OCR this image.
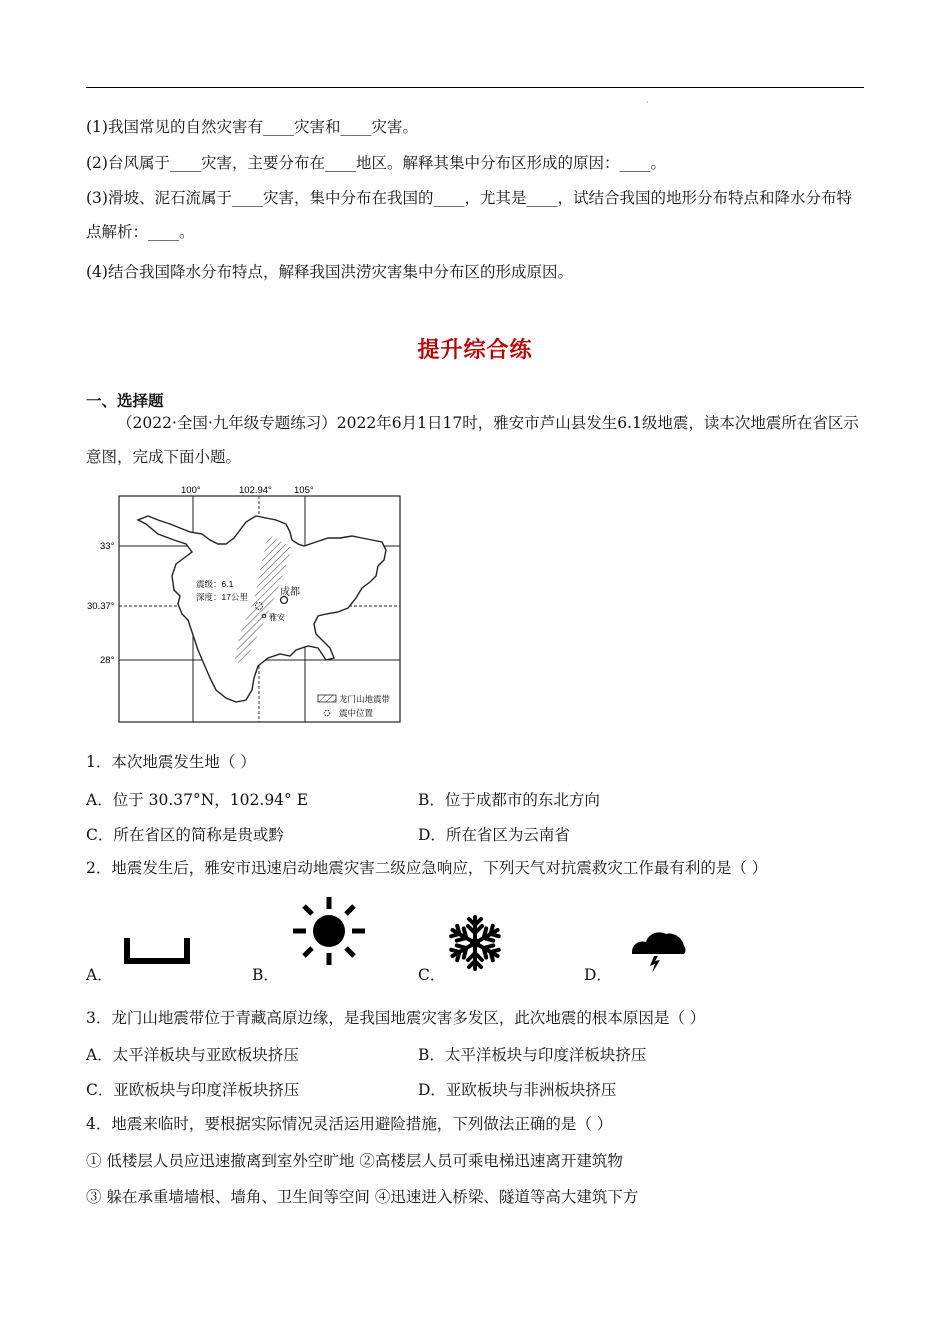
·
(1)我国常见的自然灾害有____灾害和____灾害。
(2)台风属于____灾害，主要分布在____地区。解释其集中分布区形成的原因：____。
(3)滑坡、泥石流属于____灾害，集中分布在我国的____，尤其是____，试结合我国的地形分布特点和降水分布特点解析：____。
(4)结合我国降水分布特点，解释我国洪涝灾害集中分布区的形成原因。
提升综合练
一、选择题
（2022·全国·九年级专题练习）2022年6月1日17时，雅安市芦山县发生6.1级地震，读本次地震所在省区示意图，完成下面小题。
100°	102.94° 105°
33°
30.37°
28°
震级：6.1
深度：17公里	成都
雅安
龙门山地震带
震中位置
1．本次地震发生地（ ）
A．位于 30.37°N，102.94° E	B．位于成都市的东北方向
C．所在省区的简称是贵或黔	D．所在省区为云南省
2．地震发生后，雅安市迅速启动地震灾害二级应急响应，下列天气对抗震救灾工作最有利的是（ ）
A．	B．	C．	D．
3．龙门山地震带位于青藏高原边缘，是我国地震灾害多发区，此次地震的根本原因是（ ）
A．太平洋板块与亚欧板块挤压	B．太平洋板块与印度洋板块挤压
C．亚欧板块与印度洋板块挤压	D．亚欧板块与非洲板块挤压
4．地震来临时，要根据实际情况灵活运用避险措施，下列做法正确的是（ ）
① 低楼层人员应迅速撤离到室外空旷地 ②高楼层人员可乘电梯迅速离开建筑物
③ 躲在承重墙墙根、墙角、卫生间等空间 ④迅速进入桥梁、隧道等高大建筑下方
